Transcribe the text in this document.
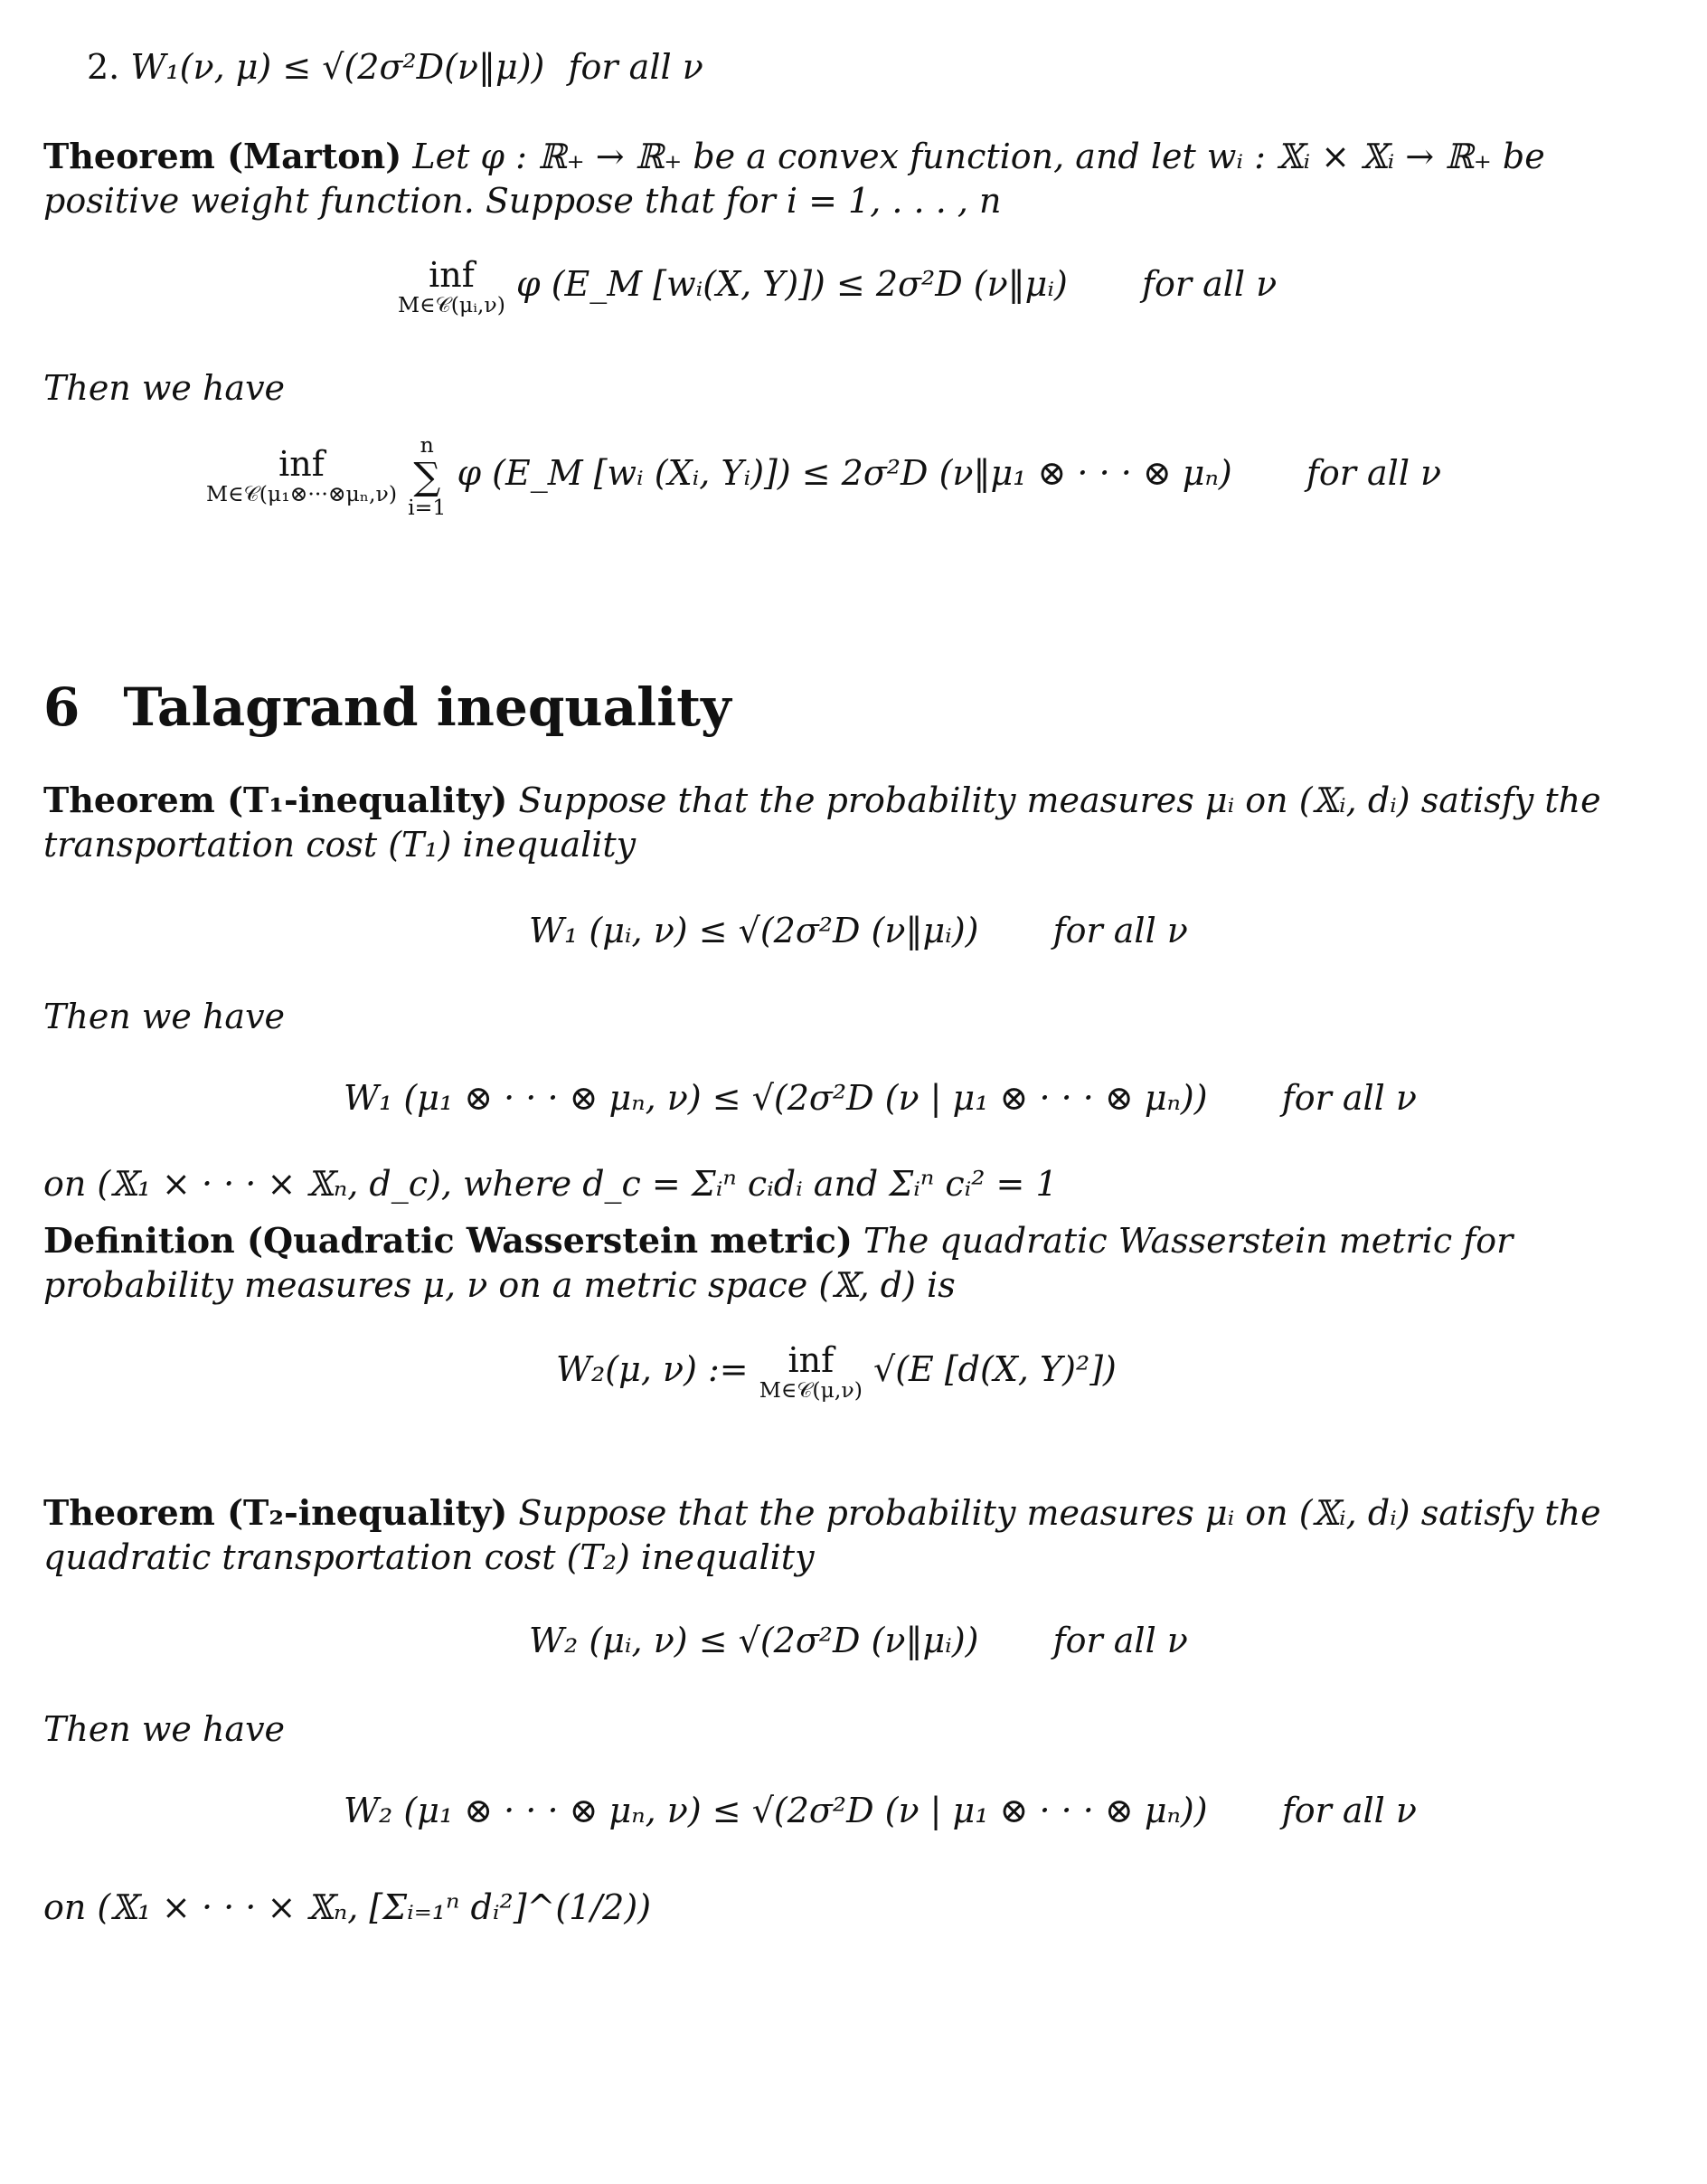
2. W₁(ν, μ) ≤ √(2σ²D(ν‖μ)) for all ν
Theorem (Marton) Let φ : ℝ₊ → ℝ₊ be a convex function, and let wᵢ : 𝕏ᵢ × 𝕏ᵢ → ℝ₊ be positive weight function. Suppose that for i = 1, . . . , n
inf
M∈𝒞(μᵢ,ν)
φ (E_M [wᵢ(X, Y)]) ≤ 2σ²D (ν‖μᵢ) for all ν
Then we have
inf
M∈𝒞(μ₁⊗···⊗μₙ,ν)

n
∑
i=1
φ (E_M [wᵢ (Xᵢ, Yᵢ)]) ≤ 2σ²D (ν‖μ₁ ⊗ · · · ⊗ μₙ) for all ν
6 Talagrand inequality
Theorem (T₁-inequality) Suppose that the probability measures μᵢ on (𝕏ᵢ, dᵢ) satisfy the transportation cost (T₁) inequality
W₁ (μᵢ, ν) ≤ √(2σ²D (ν‖μᵢ)) for all ν
Then we have
W₁ (μ₁ ⊗ · · · ⊗ μₙ, ν) ≤ √(2σ²D (ν | μ₁ ⊗ · · · ⊗ μₙ)) for all ν
on (𝕏₁ × · · · × 𝕏ₙ, d_c), where d_c = Σᵢⁿ cᵢdᵢ and Σᵢⁿ cᵢ² = 1
Definition (Quadratic Wasserstein metric) The quadratic Wasserstein metric for probability measures μ, ν on a metric space (𝕏, d) is
W₂(μ, ν) := inf
M∈𝒞(μ,ν)
√(E [d(X, Y)²])
Theorem (T₂-inequality) Suppose that the probability measures μᵢ on (𝕏ᵢ, dᵢ) satisfy the quadratic transportation cost (T₂) inequality
W₂ (μᵢ, ν) ≤ √(2σ²D (ν‖μᵢ)) for all ν
Then we have
W₂ (μ₁ ⊗ · · · ⊗ μₙ, ν) ≤ √(2σ²D (ν | μ₁ ⊗ · · · ⊗ μₙ)) for all ν
on (𝕏₁ × · · · × 𝕏ₙ, [Σᵢ₌₁ⁿ dᵢ²]^(1/2))
